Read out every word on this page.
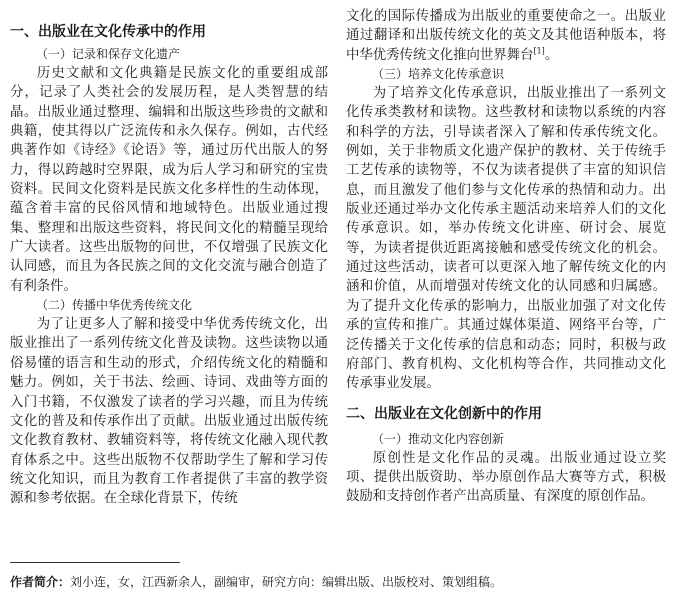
一、出版业在文化传承中的作用
（一）记录和保存文化遗产

历史文献和文化典籍是民族文化的重要组成部分，记录了人类社会的发展历程，是人类智慧的结晶。出版业通过整理、编辑和出版这些珍贵的文献和典籍，使其得以广泛流传和永久保存。例如，古代经典著作如《诗经》《论语》等，通过历代出版人的努力，得以跨越时空界限，成为后人学习和研究的宝贵资料。民间文化资料是民族文化多样性的生动体现，蕴含着丰富的民俗风情和地域特色。出版业通过搜集、整理和出版这些资料，将民间文化的精髓呈现给广大读者。这些出版物的问世，不仅增强了民族文化认同感，而且为各民族之间的文化交流与融合创造了有利条件。

（二）传播中华优秀传统文化

为了让更多人了解和接受中华优秀传统文化，出版业推出了一系列传统文化普及读物。这些读物以通俗易懂的语言和生动的形式，介绍传统文化的精髓和魅力。例如，关于书法、绘画、诗词、戏曲等方面的入门书籍，不仅激发了读者的学习兴趣，而且为传统文化的普及和传承作出了贡献。出版业通过出版传统文化教育教材、教辅资料等，将传统文化融入现代教育体系之中。这些出版物不仅帮助学生了解和学习传统文化知识，而且为教育工作者提供了丰富的教学资源和参考依据。在全球化背景下，传统

文化的国际传播成为出版业的重要使命之一。出版业通过翻译和出版传统文化的英文及其他语种版本，将中华优秀传统文化推向世界舞台[1]。

（三）培养文化传承意识

为了培养文化传承意识，出版业推出了一系列文化传承类教材和读物。这些教材和读物以系统的内容和科学的方法，引导读者深入了解和传承传统文化。例如，关于非物质文化遗产保护的教材、关于传统手工艺传承的读物等，不仅为读者提供了丰富的知识信息，而且激发了他们参与文化传承的热情和动力。出版业还通过举办文化传承主题活动来培养人们的文化传承意识。如，举办传统文化讲座、研讨会、展览等，为读者提供近距离接触和感受传统文化的机会。通过这些活动，读者可以更深入地了解传统文化的内涵和价值，从而增强对传统文化的认同感和归属感。为了提升文化传承的影响力，出版业加强了对文化传承的宣传和推广。其通过媒体渠道、网络平台等，广泛传播关于文化传承的信息和动态；同时，积极与政府部门、教育机构、文化机构等合作，共同推动文化传承事业发展。

二、出版业在文化创新中的作用
（一）推动文化内容创新

原创性是文化作品的灵魂。出版业通过设立奖项、提供出版资助、举办原创作品大赛等方式，积极鼓励和支持创作者产出高质量、有深度的原创作品。

作者简介：刘小连，女，江西新余人，副编审，研究方向：编辑出版、出版校对、策划组稿。
